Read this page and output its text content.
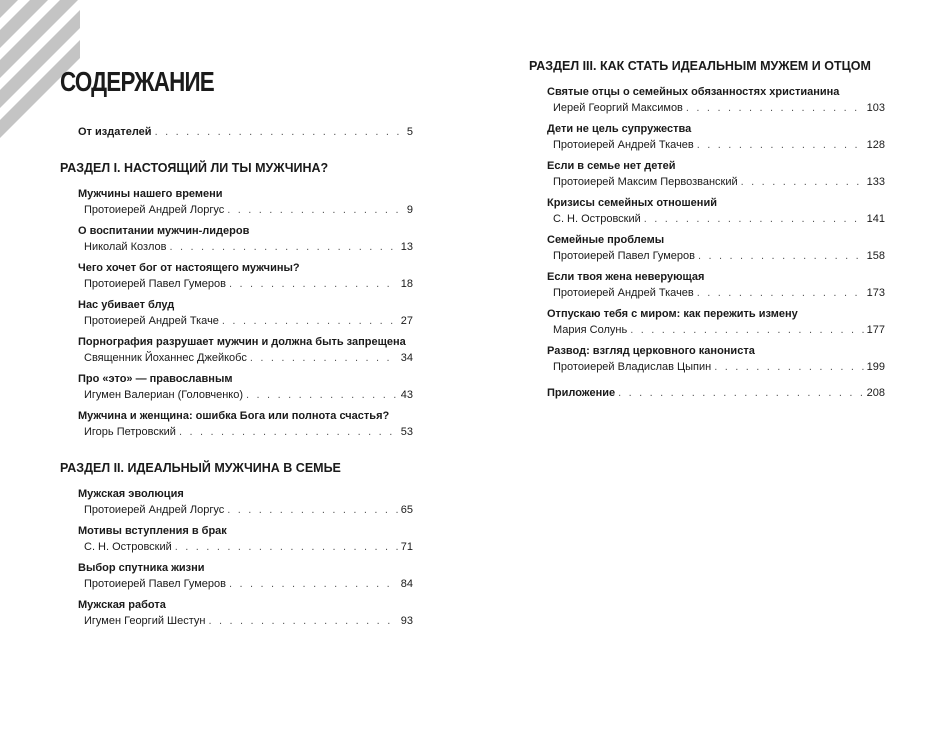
СОДЕРЖАНИЕ
От издателей . . .	5
РАЗДЕЛ I. НАСТОЯЩИЙ ЛИ ТЫ МУЖЧИНА?
Мужчины нашего времени
Протоиерей Андрей Лоргус . . .	9
О воспитании мужчин-лидеров
Николай Козлов . . .	13
Чего хочет бог от настоящего мужчины?
Протоиерей Павел Гумеров . . .	18
Нас убивает блуд
Протоиерей Андрей Ткаче . . .	27
Порнография разрушает мужчин и должна быть запрещена
Священник Йоханнес Джейкобс . . .	34
Про «это» — православным
Игумен Валериан (Головченко) . . .	43
Мужчина и женщина: ошибка Бога или полнота счастья?
Игорь Петровский . . .	53
РАЗДЕЛ II. ИДЕАЛЬНЫЙ МУЖЧИНА В СЕМЬЕ
Мужская эволюция
Протоиерей Андрей Лоргус . . .	65
Мотивы вступления в брак
С. Н. Островский . . .	71
Выбор спутника жизни
Протоиерей Павел Гумеров . . .	84
Мужская работа
Игумен Георгий Шестун . . .	93
РАЗДЕЛ III. КАК СТАТЬ ИДЕАЛЬНЫМ МУЖЕМ И ОТЦОМ
Святые отцы о семейных обязанностях христианина
Иерей Георгий Максимов . . .	103
Дети не цель супружества
Протоиерей Андрей Ткачев . . .	128
Если в семье нет детей
Протоиерей Максим Первозванский . . .	133
Кризисы семейных отношений
С. Н. Островский . . .	141
Семейные проблемы
Протоиерей Павел Гумеров . . .	158
Если твоя жена неверующая
Протоиерей Андрей Ткачев . . .	173
Отпускаю тебя с миром: как пережить измену
Мария Солунь . . .	177
Развод: взгляд церковного канониста
Протоиерей Владислав Цыпин . . .	199
Приложение . . .	208
